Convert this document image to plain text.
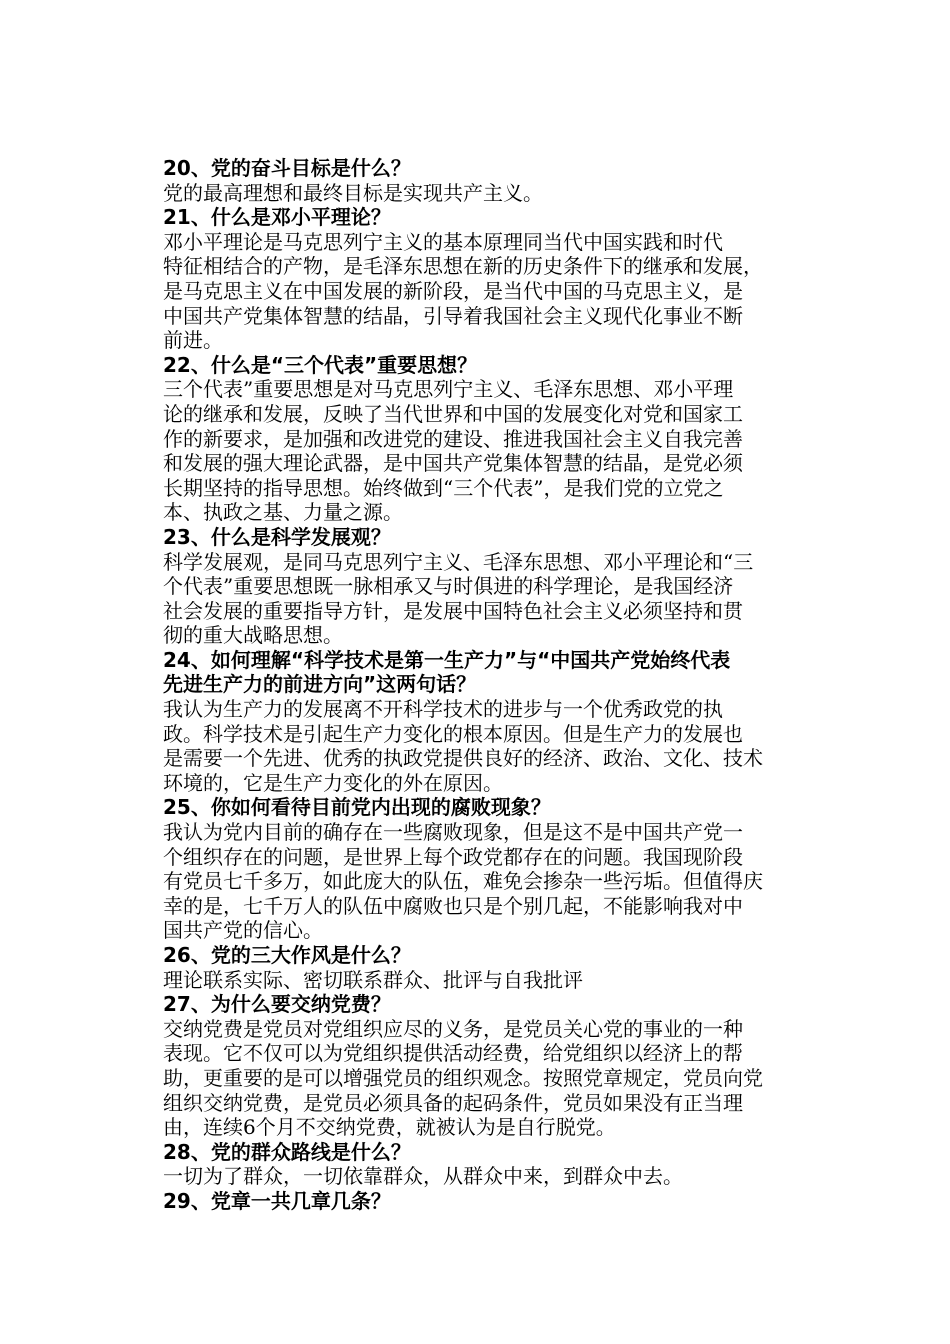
20、党的奋斗目标是什么？
党的最高理想和最终目标是实现共产主义。
21、什么是邓小平理论？
邓小平理论是马克思列宁主义的基本原理同当代中国实践和时代
特征相结合的产物，是毛泽东思想在新的历史条件下的继承和发展，
是马克思主义在中国发展的新阶段，是当代中国的马克思主义，是
中国共产党集体智慧的结晶，引导着我国社会主义现代化事业不断
前进。
22、什么是“三个代表”重要思想？
三个代表”重要思想是对马克思列宁主义、毛泽东思想、邓小平理
论的继承和发展，反映了当代世界和中国的发展变化对党和国家工
作的新要求，是加强和改进党的建设、推进我国社会主义自我完善
和发展的强大理论武器，是中国共产党集体智慧的结晶，是党必须
长期坚持的指导思想。始终做到“三个代表”，是我们党的立党之
本、执政之基、力量之源。
23、什么是科学发展观？
科学发展观，是同马克思列宁主义、毛泽东思想、邓小平理论和“三
个代表”重要思想既一脉相承又与时俱进的科学理论，是我国经济
社会发展的重要指导方针，是发展中国特色社会主义必须坚持和贯
彻的重大战略思想。
24、如何理解“科学技术是第一生产力”与“中国共产党始终代表
先进生产力的前进方向”这两句话？
我认为生产力的发展离不开科学技术的进步与一个优秀政党的执
政。科学技术是引起生产力变化的根本原因。但是生产力的发展也
是需要一个先进、优秀的执政党提供良好的经济、政治、文化、技术
环境的，它是生产力变化的外在原因。
25、你如何看待目前党内出现的腐败现象？
我认为党内目前的确存在一些腐败现象，但是这不是中国共产党一
个组织存在的问题，是世界上每个政党都存在的问题。我国现阶段
有党员七千多万，如此庞大的队伍，难免会掺杂一些污垢。但值得庆
幸的是，七千万人的队伍中腐败也只是个别几起，不能影响我对中
国共产党的信心。
26、党的三大作风是什么？
理论联系实际、密切联系群众、批评与自我批评
27、为什么要交纳党费？
交纳党费是党员对党组织应尽的义务，是党员关心党的事业的一种
表现。它不仅可以为党组织提供活动经费，给党组织以经济上的帮
助，更重要的是可以增强党员的组织观念。按照党章规定，党员向党
组织交纳党费，是党员必须具备的起码条件，党员如果没有正当理
由，连续6个月不交纳党费，就被认为是自行脱党。
28、党的群众路线是什么？
一切为了群众，一切依靠群众，从群众中来，到群众中去。
29、党章一共几章几条？
